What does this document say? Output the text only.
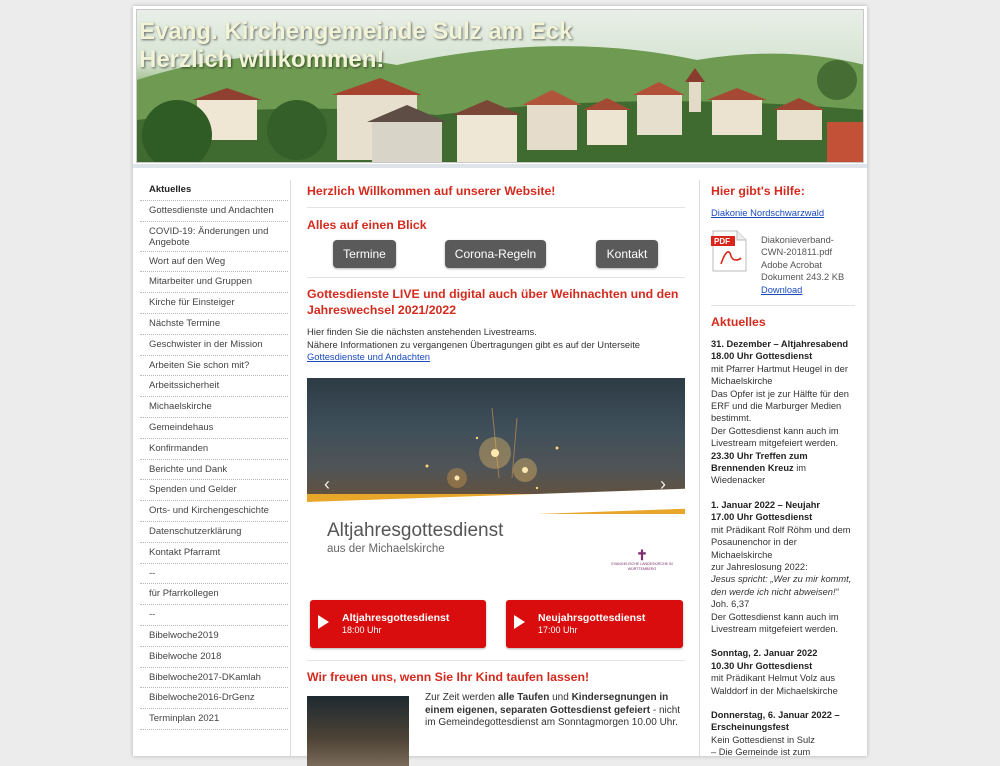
Evang. Kirchengemeinde Sulz am Eck
Herzlich willkommen!
Aktuelles
Gottesdienste und Andachten
COVID-19: Änderungen und Angebote
Wort auf den Weg
Mitarbeiter und Gruppen
Kirche für Einsteiger
Nächste Termine
Geschwister in der Mission
Arbeiten Sie schon mit?
Arbeitssicherheit
Michaelskirche
Gemeindehaus
Konfirmanden
Berichte und Dank
Spenden und Gelder
Orts- und Kirchengeschichte
Datenschutzerklärung
Kontakt Pfarramt
--
für Pfarrkollegen
--
Bibelwoche2019
Bibelwoche 2018
Bibelwoche2017-DKamlah
Bibelwoche2016-DrGenz
Terminplan 2021
Herzlich Willkommen auf unserer Website!
Alles auf einen Blick
Termine	Corona-Regeln	Kontakt
Gottesdienste LIVE und digital auch über Weihnachten und den Jahreswechsel 2021/2022
Hier finden Sie die nächsten anstehenden Livestreams.
Nähere Informationen zu vergangenen Übertragungen gibt es auf der Unterseite
Gottesdienste und Andachten
Altjahresgottesdienst
aus der Michaelskirche	✝
EVANGELISCHE LANDESKIRCHE IN WÜRTTEMBERG
‹	›
Altjahresgottesdienst
18:00 Uhr
Neujahrsgottesdienst
17:00 Uhr
Wir freuen uns, wenn Sie Ihr Kind taufen lassen!
Zur Zeit werden alle Taufen und Kindersegnungen in einem eigenen, separaten Gottesdienst gefeiert - nicht im Gemeindegottesdienst am Sonntagmorgen 10.00 Uhr.
Hier gibt's Hilfe:
Diakonie Nordschwarzwald
PDF	Diakonieverband-
CWN-201811.pdf
Adobe Acrobat
Dokument 243.2 KB
Download
Aktuelles
31. Dezember – Altjahresabend
18.00 Uhr Gottesdienst
mit Pfarrer Hartmut Heugel in der Michaelskirche
Das Opfer ist je zur Hälfte für den ERF und die Marburger Medien bestimmt.
Der Gottesdienst kann auch im Livestream mitgefeiert werden.
23.30 Uhr Treffen zum Brennenden Kreuz im Wiedenacker
1. Januar 2022 – Neujahr
17.00 Uhr Gottesdienst
mit Prädikant Rolf Röhm und dem Posaunenchor in der Michaelskirche
zur Jahreslosung 2022:
Jesus spricht: „Wer zu mir kommt, den werde ich nicht abweisen!“
Joh. 6,37
Der Gottesdienst kann auch im Livestream mitgefeiert werden.
Sonntag, 2. Januar 2022
10.30 Uhr Gottesdienst
mit Prädikant Helmut Volz aus Walddorf in der Michaelskirche
Donnerstag, 6. Januar 2022 – Erscheinungsfest
Kein Gottesdienst in Sulz
– Die Gemeinde ist zum
